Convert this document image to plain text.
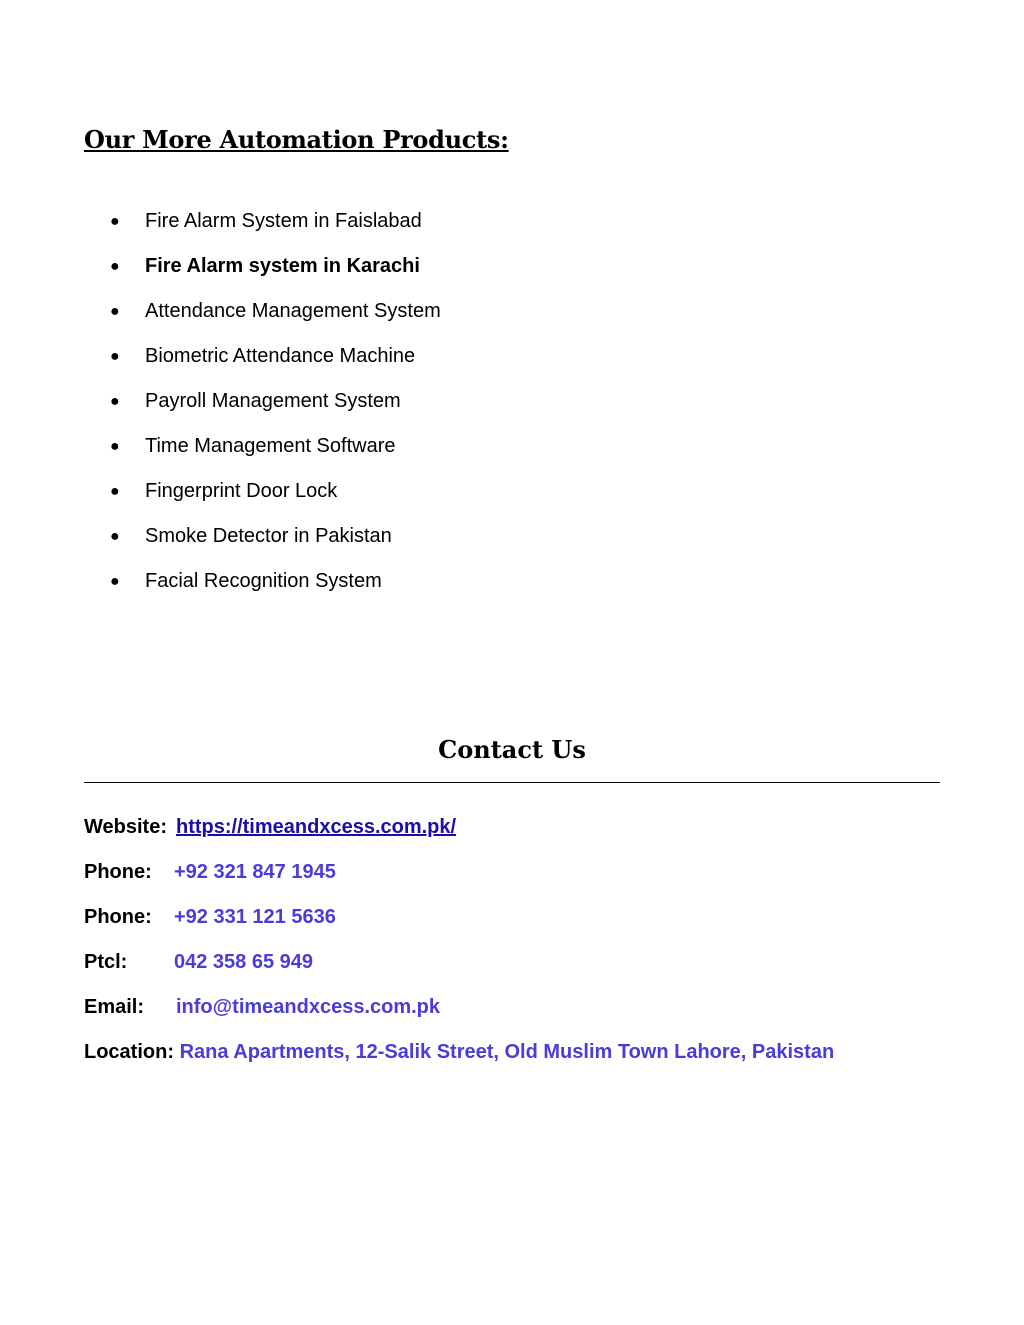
Our More Automation Products:
● Fire Alarm System in Faislabad
● Fire Alarm system in Karachi
● Attendance Management System
● Biometric Attendance Machine
● Payroll Management System
● Time Management Software
● Fingerprint Door Lock
● Smoke Detector in Pakistan
● Facial Recognition System
Contact Us
Website: https://timeandxcess.com.pk/
Phone: +92 321 847 1945
Phone: +92 331 121 5636
Ptcl: 042 358 65 949
Email: info@timeandxcess.com.pk
Location: Rana Apartments, 12-Salik Street, Old Muslim Town Lahore, Pakistan
